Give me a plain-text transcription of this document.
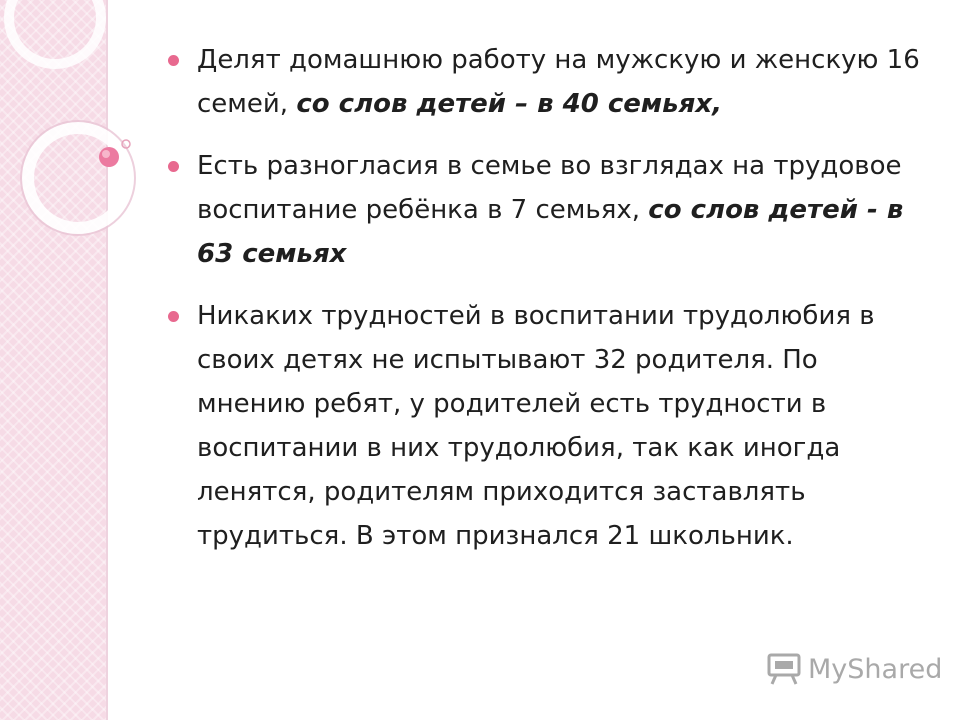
Делят домашнюю работу на мужскую и женскую 16 семей, со слов детей – в 40 семьях,
Есть разногласия в семье во взглядах на трудовое воспитание ребёнка в 7 семьях, со слов детей - в 63 семьях
Никаких трудностей в воспитании трудолюбия в своих детях не испытывают 32 родителя. По мнению ребят, у родителей есть трудности в воспитании в них трудолюбия, так как иногда ленятся, родителям приходится заставлять трудиться. В этом признался 21 школьник.
MyShared
